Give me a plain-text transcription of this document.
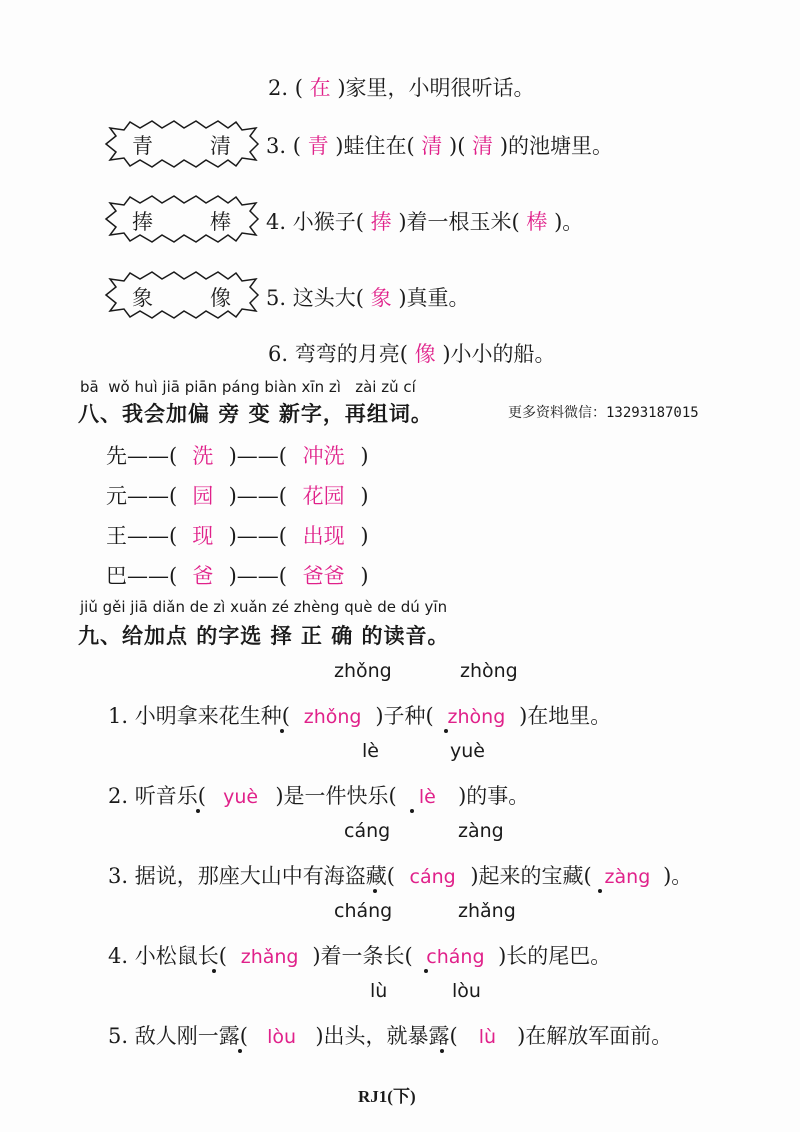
2. ( 在 )家里，小明很听话。
青	清 3. ( 青 )蛙住在( 清 )( 清 )的池塘里。
捧	棒 4. 小猴子( 捧 )着一根玉米( 棒 )。
象	像 5. 这头大( 象 )真重。
6. 弯弯的月亮( 像 )小小的船。
bā wǒ huì jiā piān páng biàn xīn zì zài zǔ cí
八、我会加偏 旁 变 新字，再组词。	更多资料微信：13293187015
先——( 洗 )——( 冲洗 )
元——( 园 )——( 花园 )
王——( 现 )——( 出现 )
巴——( 爸 )——( 爸爸 )
jiǔ gěi jiā diǎn de zì xuǎn zé zhèng què de dú yīn
九、给加点 的字选 择 正 确 的读音。
zhǒng	zhòng
1. 小明拿来花生种( zhǒng )子种( zhòng )在地里。
lè	yuè
2. 听音乐( yuè )是一件快乐( lè )的事。
cáng	zàng
3. 据说，那座大山中有海盗藏( cáng )起来的宝藏( zàng )。
cháng	zhǎng
4. 小松鼠长( zhǎng )着一条长( cháng )长的尾巴。
lù	lòu
5. 敌人刚一露( lòu )出头，就暴露( lù )在解放军面前。
RJ1(下)
